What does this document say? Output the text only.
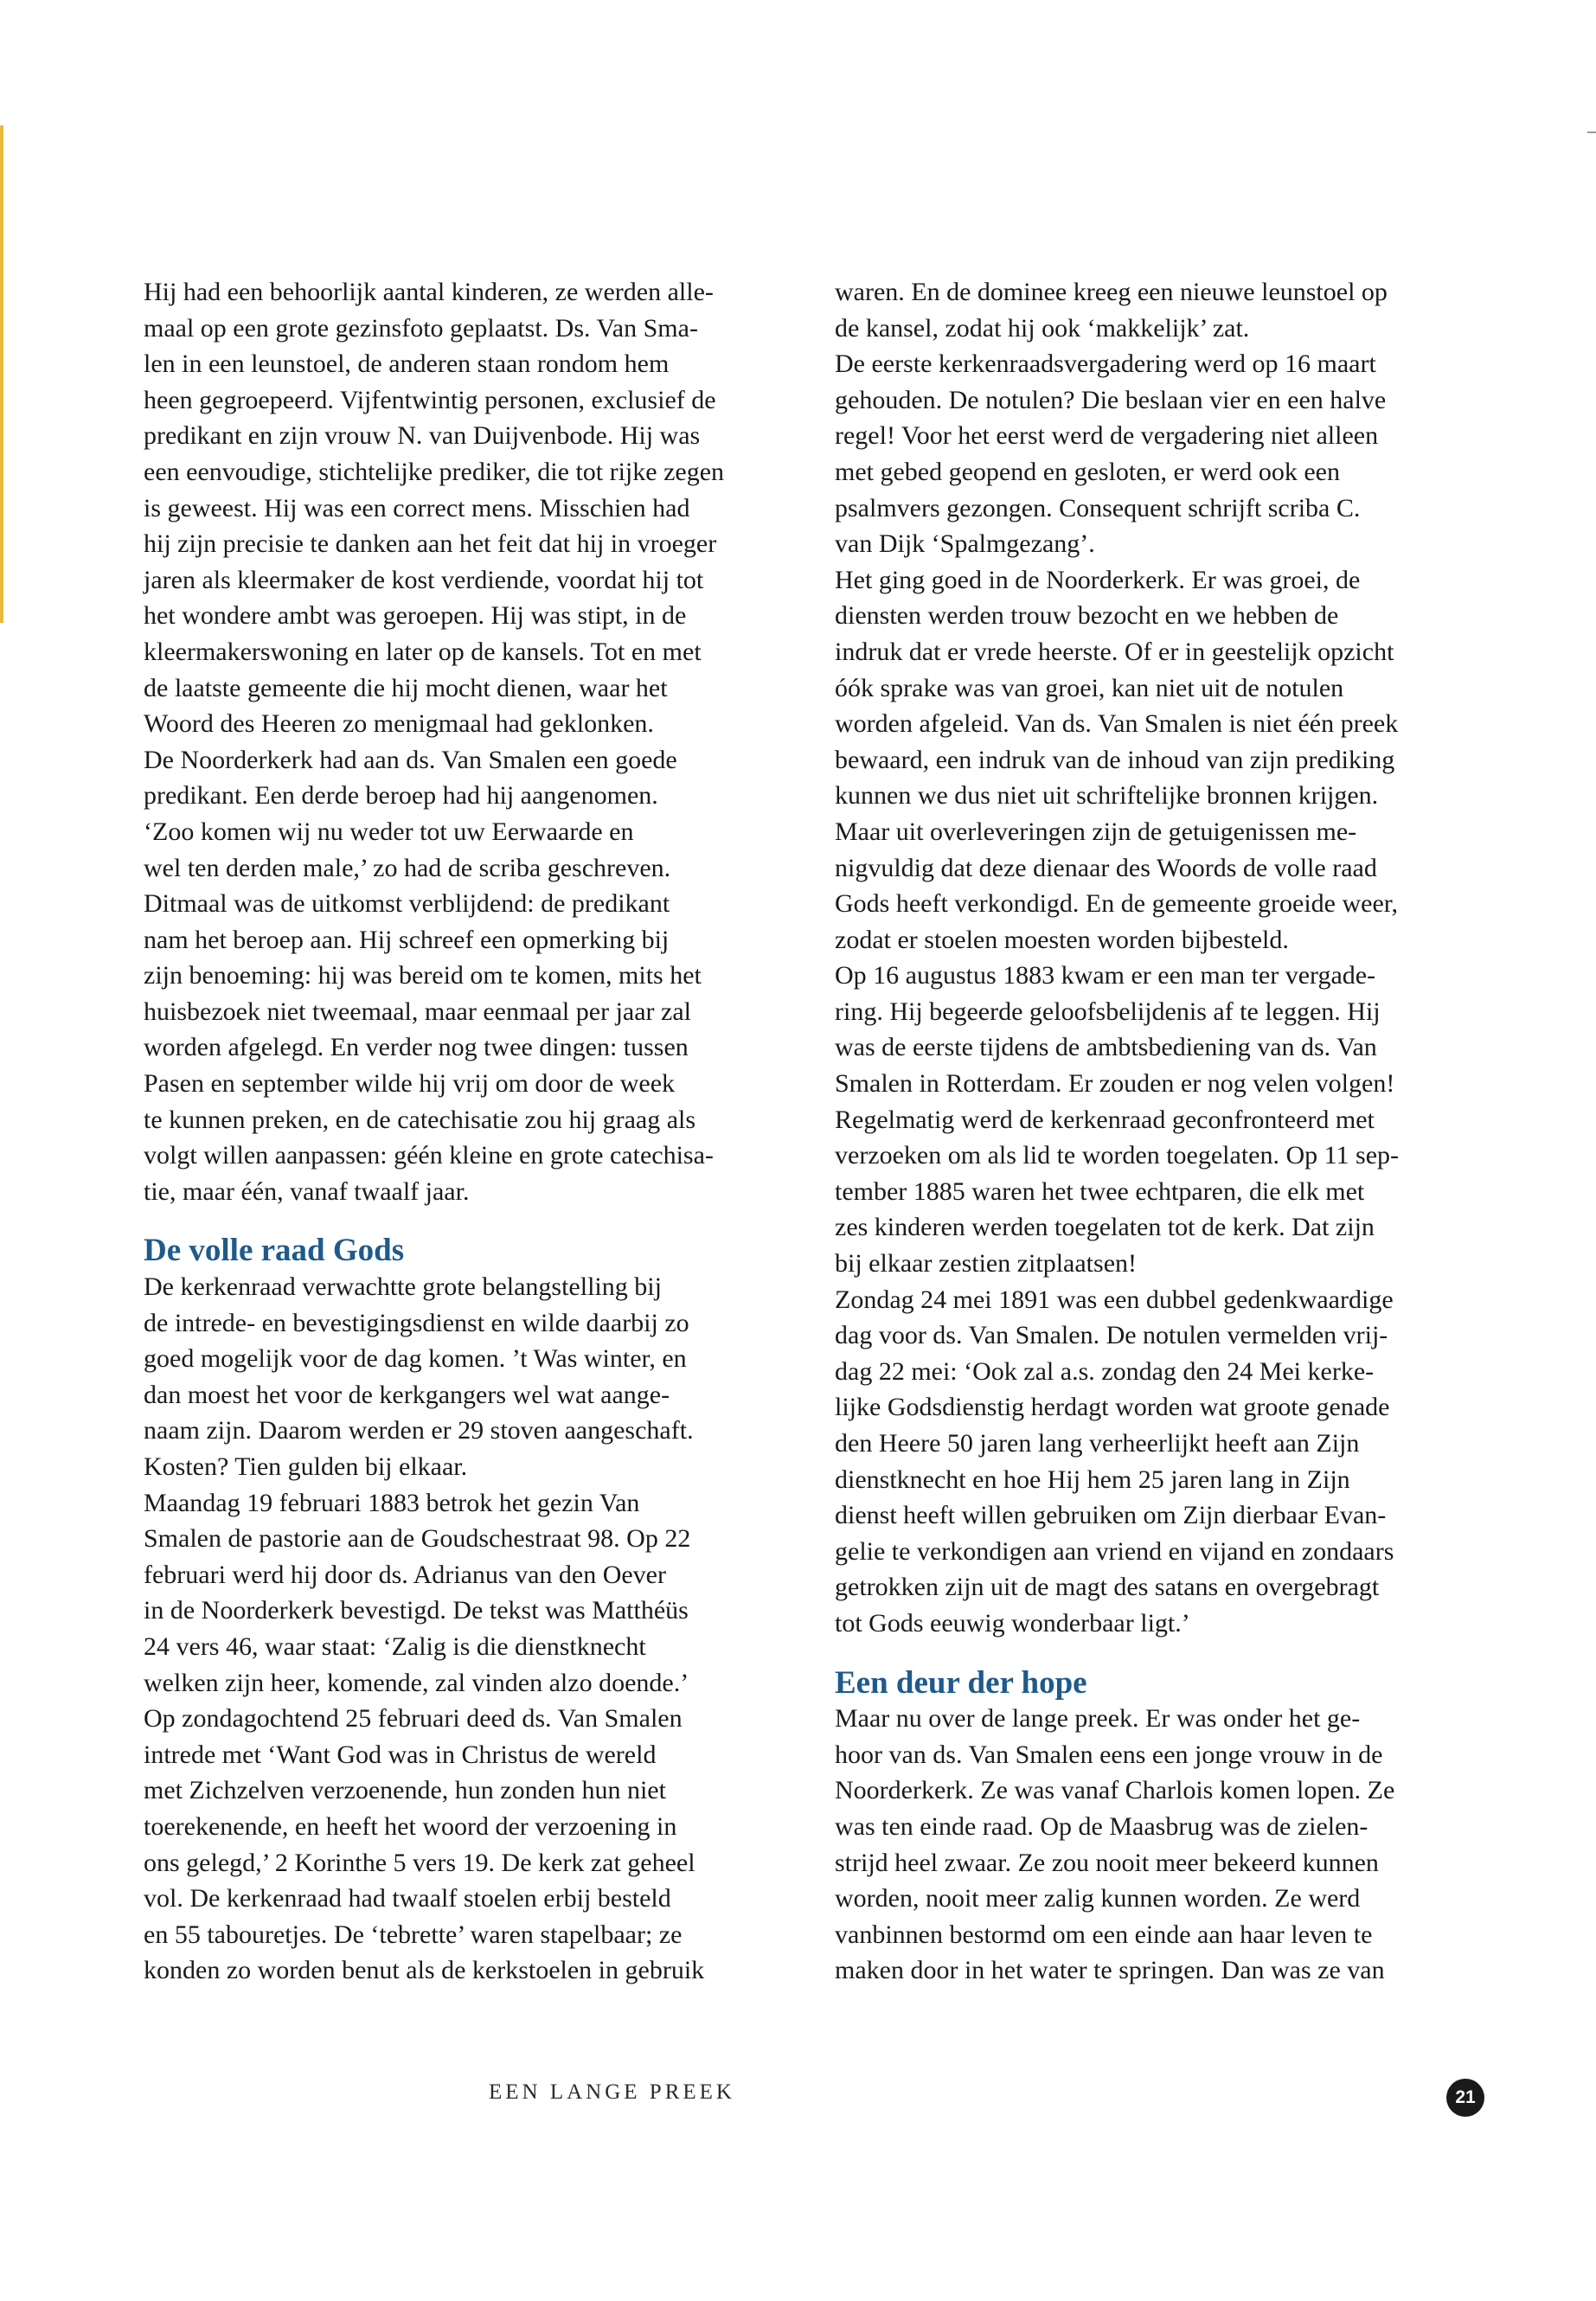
Hij had een behoorlijk aantal kinderen, ze werden alle-
maal op een grote gezinsfoto geplaatst. Ds. Van Sma-
len in een leunstoel, de anderen staan rondom hem
heen gegroepeerd. Vijfentwintig personen, exclusief de
predikant en zijn vrouw N. van Duijvenbode. Hij was
een eenvoudige, stichtelijke prediker, die tot rijke zegen
is geweest. Hij was een correct mens. Misschien had
hij zijn precisie te danken aan het feit dat hij in vroeger
jaren als kleermaker de kost verdiende, voordat hij tot
het wondere ambt was geroepen. Hij was stipt, in de
kleermakerswoning en later op de kansels. Tot en met
de laatste gemeente die hij mocht dienen, waar het
Woord des Heeren zo menigmaal had geklonken.
De Noorderkerk had aan ds. Van Smalen een goede
predikant. Een derde beroep had hij aangenomen.
‘Zoo komen wij nu weder tot uw Eerwaarde en
wel ten derden male,’ zo had de scriba geschreven.
Ditmaal was de uitkomst verblijdend: de predikant
nam het beroep aan. Hij schreef een opmerking bij
zijn benoeming: hij was bereid om te komen, mits het
huisbezoek niet tweemaal, maar eenmaal per jaar zal
worden afgelegd. En verder nog twee dingen: tussen
Pasen en september wilde hij vrij om door de week
te kunnen preken, en de catechisatie zou hij graag als
volgt willen aanpassen: géén kleine en grote catechisa-
tie, maar één, vanaf twaalf jaar.
De volle raad Gods
De kerkenraad verwachtte grote belangstelling bij
de intrede- en bevestigingsdienst en wilde daarbij zo
goed mogelijk voor de dag komen. ’t Was winter, en
dan moest het voor de kerkgangers wel wat aange-
naam zijn. Daarom werden er 29 stoven aangeschaft.
Kosten? Tien gulden bij elkaar.
Maandag 19 februari 1883 betrok het gezin Van
Smalen de pastorie aan de Goudschestraat 98. Op 22
februari werd hij door ds. Adrianus van den Oever
in de Noorderkerk bevestigd. De tekst was Matthéüs
24 vers 46, waar staat: ‘Zalig is die dienstknecht
welken zijn heer, komende, zal vinden alzo doende.’
Op zondagochtend 25 februari deed ds. Van Smalen
intrede met ‘Want God was in Christus de wereld
met Zichzelven verzoenende, hun zonden hun niet
toerekenende, en heeft het woord der verzoening in
ons gelegd,’ 2 Korinthe 5 vers 19. De kerk zat geheel
vol. De kerkenraad had twaalf stoelen erbij besteld
en 55 tabouretjes. De ‘tebrette’ waren stapelbaar; ze
konden zo worden benut als de kerkstoelen in gebruik
waren. En de dominee kreeg een nieuwe leunstoel op
de kansel, zodat hij ook ‘makkelijk’ zat.
De eerste kerkenraadsvergadering werd op 16 maart
gehouden. De notulen? Die beslaan vier en een halve
regel! Voor het eerst werd de vergadering niet alleen
met gebed geopend en gesloten, er werd ook een
psalmvers gezongen. Consequent schrijft scriba C.
van Dijk ‘Spalmgezang’.
Het ging goed in de Noorderkerk. Er was groei, de
diensten werden trouw bezocht en we hebben de
indruk dat er vrede heerste. Of er in geestelijk opzicht
óók sprake was van groei, kan niet uit de notulen
worden afgeleid. Van ds. Van Smalen is niet één preek
bewaard, een indruk van de inhoud van zijn prediking
kunnen we dus niet uit schriftelijke bronnen krijgen.
Maar uit overleveringen zijn de getuigenissen me-
nigvuldig dat deze dienaar des Woords de volle raad
Gods heeft verkondigd. En de gemeente groeide weer,
zodat er stoelen moesten worden bijbesteld.
Op 16 augustus 1883 kwam er een man ter vergade-
ring. Hij begeerde geloofsbelijdenis af te leggen. Hij
was de eerste tijdens de ambtsbediening van ds. Van
Smalen in Rotterdam. Er zouden er nog velen volgen!
Regelmatig werd de kerkenraad geconfronteerd met
verzoeken om als lid te worden toegelaten. Op 11 sep-
tember 1885 waren het twee echtparen, die elk met
zes kinderen werden toegelaten tot de kerk. Dat zijn
bij elkaar zestien zitplaatsen!
Zondag 24 mei 1891 was een dubbel gedenkwaardige
dag voor ds. Van Smalen. De notulen vermelden vrij-
dag 22 mei: ‘Ook zal a.s. zondag den 24 Mei kerke-
lijke Godsdienstig herdagt worden wat groote genade
den Heere 50 jaren lang verheerlijkt heeft aan Zijn
dienstknecht en hoe Hij hem 25 jaren lang in Zijn
dienst heeft willen gebruiken om Zijn dierbaar Evan-
gelie te verkondigen aan vriend en vijand en zondaars
getrokken zijn uit de magt des satans en overgebragt
tot Gods eeuwig wonderbaar ligt.’
Een deur der hope
Maar nu over de lange preek. Er was onder het ge-
hoor van ds. Van Smalen eens een jonge vrouw in de
Noorderkerk. Ze was vanaf Charlois komen lopen. Ze
was ten einde raad. Op de Maasbrug was de zielen-
strijd heel zwaar. Ze zou nooit meer bekeerd kunnen
worden, nooit meer zalig kunnen worden. Ze werd
vanbinnen bestormd om een einde aan haar leven te
maken door in het water te springen. Dan was ze van
EEN LANGE PREEK	21
